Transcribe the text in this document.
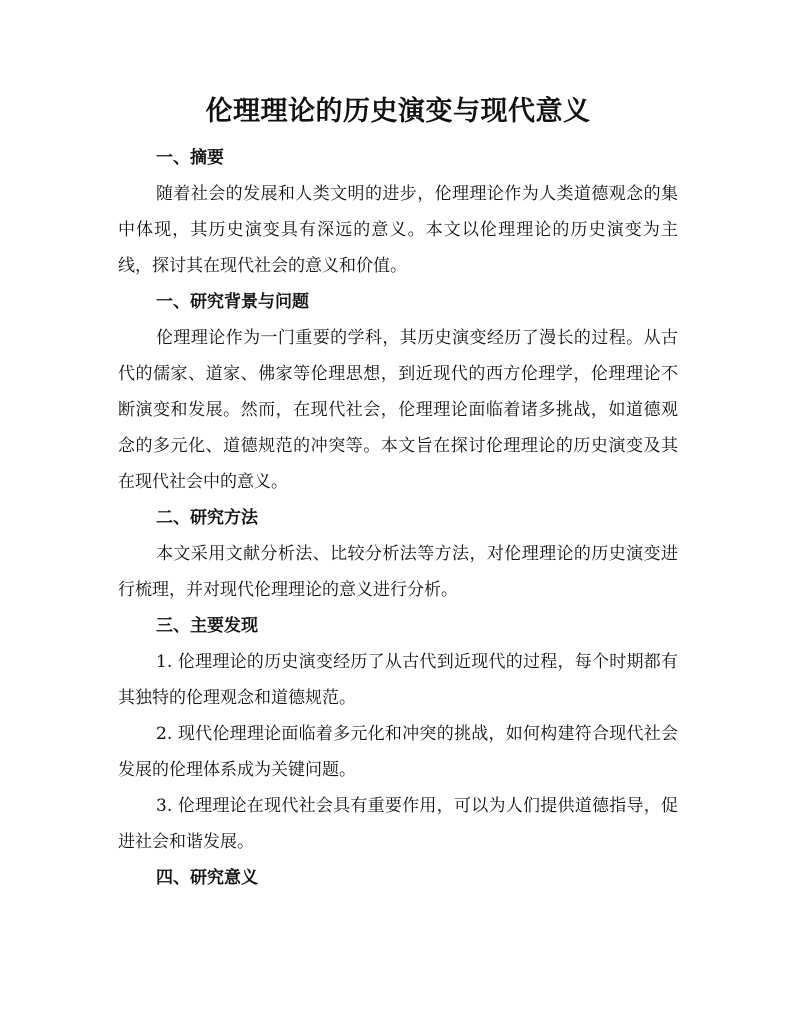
伦理理论的历史演变与现代意义
一、摘要

随着社会的发展和人类文明的进步，伦理理论作为人类道德观念的集中体现，其历史演变具有深远的意义。本文以伦理理论的历史演变为主线，探讨其在现代社会的意义和价值。

一、研究背景与问题

伦理理论作为一门重要的学科，其历史演变经历了漫长的过程。从古代的儒家、道家、佛家等伦理思想，到近现代的西方伦理学，伦理理论不断演变和发展。然而，在现代社会，伦理理论面临着诸多挑战，如道德观念的多元化、道德规范的冲突等。本文旨在探讨伦理理论的历史演变及其在现代社会中的意义。

二、研究方法

本文采用文献分析法、比较分析法等方法，对伦理理论的历史演变进行梳理，并对现代伦理理论的意义进行分析。

三、主要发现

1. 伦理理论的历史演变经历了从古代到近现代的过程，每个时期都有其独特的伦理观念和道德规范。

2. 现代伦理理论面临着多元化和冲突的挑战，如何构建符合现代社会发展的伦理体系成为关键问题。

3. 伦理理论在现代社会具有重要作用，可以为人们提供道德指导，促进社会和谐发展。

四、研究意义
